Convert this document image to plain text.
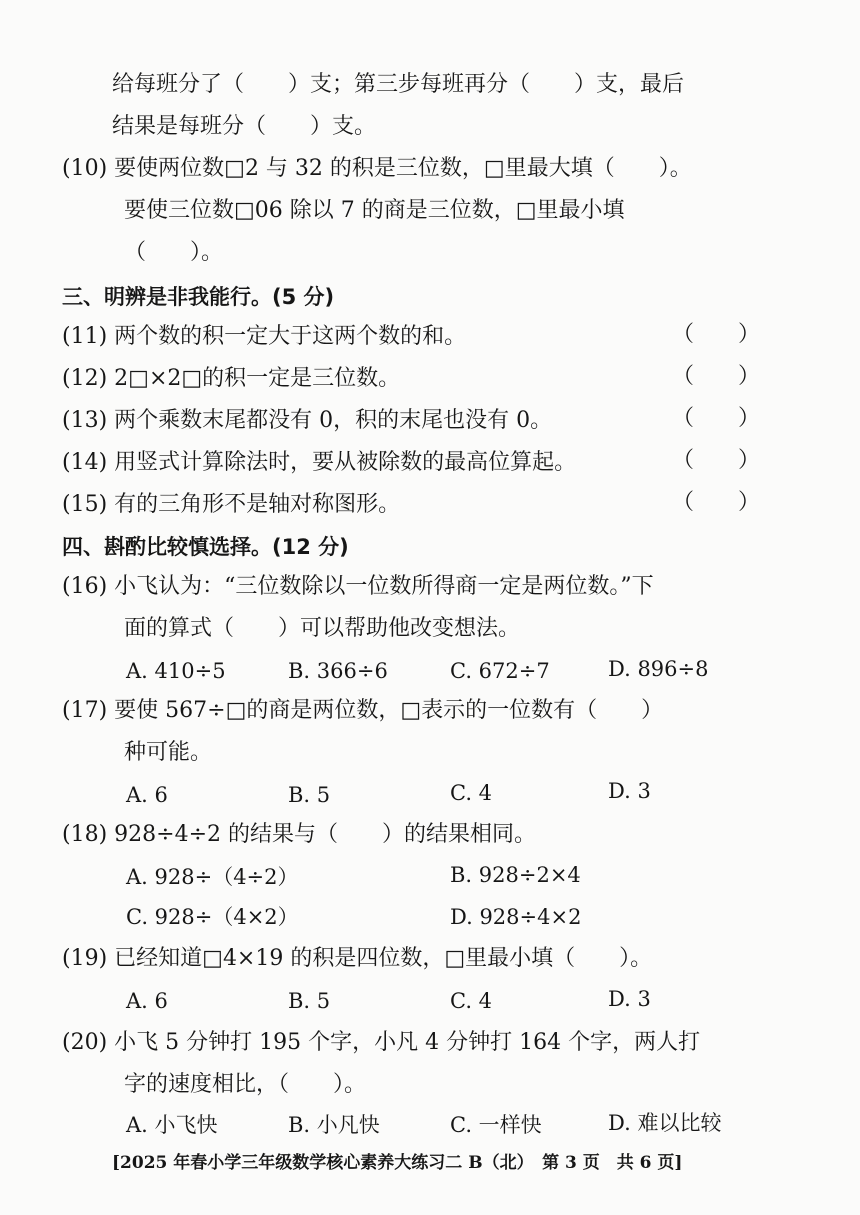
给每班分了（　　）支；第三步每班再分（　　）支，最后
结果是每班分（　　）支。
(10) 要使两位数□2 与 32 的积是三位数，□里最大填（　　）。
要使三位数□06 除以 7 的商是三位数，□里最小填
（　　）。
三、明辨是非我能行。(5 分)
(11) 两个数的积一定大于这两个数的和。	（　　）
(12) 2□×2□的积一定是三位数。	（　　）
(13) 两个乘数末尾都没有 0，积的末尾也没有 0。	（　　）
(14) 用竖式计算除法时，要从被除数的最高位算起。	（　　）
(15) 有的三角形不是轴对称图形。	（　　）
四、斟酌比较慎选择。(12 分)
(16) 小飞认为：“三位数除以一位数所得商一定是两位数。”下
面的算式（　　）可以帮助他改变想法。
A. 410÷5	B. 366÷6	C. 672÷7	D. 896÷8
(17) 要使 567÷□的商是两位数，□表示的一位数有（　　）
种可能。
A. 6	B. 5	C. 4	D. 3
(18) 928÷4÷2 的结果与（　　）的结果相同。
A. 928÷（4÷2）	B. 928÷2×4
C. 928÷（4×2）	D. 928÷4×2
(19) 已经知道□4×19 的积是四位数，□里最小填（　　）。
A. 6	B. 5	C. 4	D. 3
(20) 小飞 5 分钟打 195 个字，小凡 4 分钟打 164 个字，两人打
字的速度相比，（　　）。
A. 小飞快	B. 小凡快	C. 一样快	D. 难以比较
[2025 年春小学三年级数学核心素养大练习二 B（北）　第 3 页　共 6 页]
